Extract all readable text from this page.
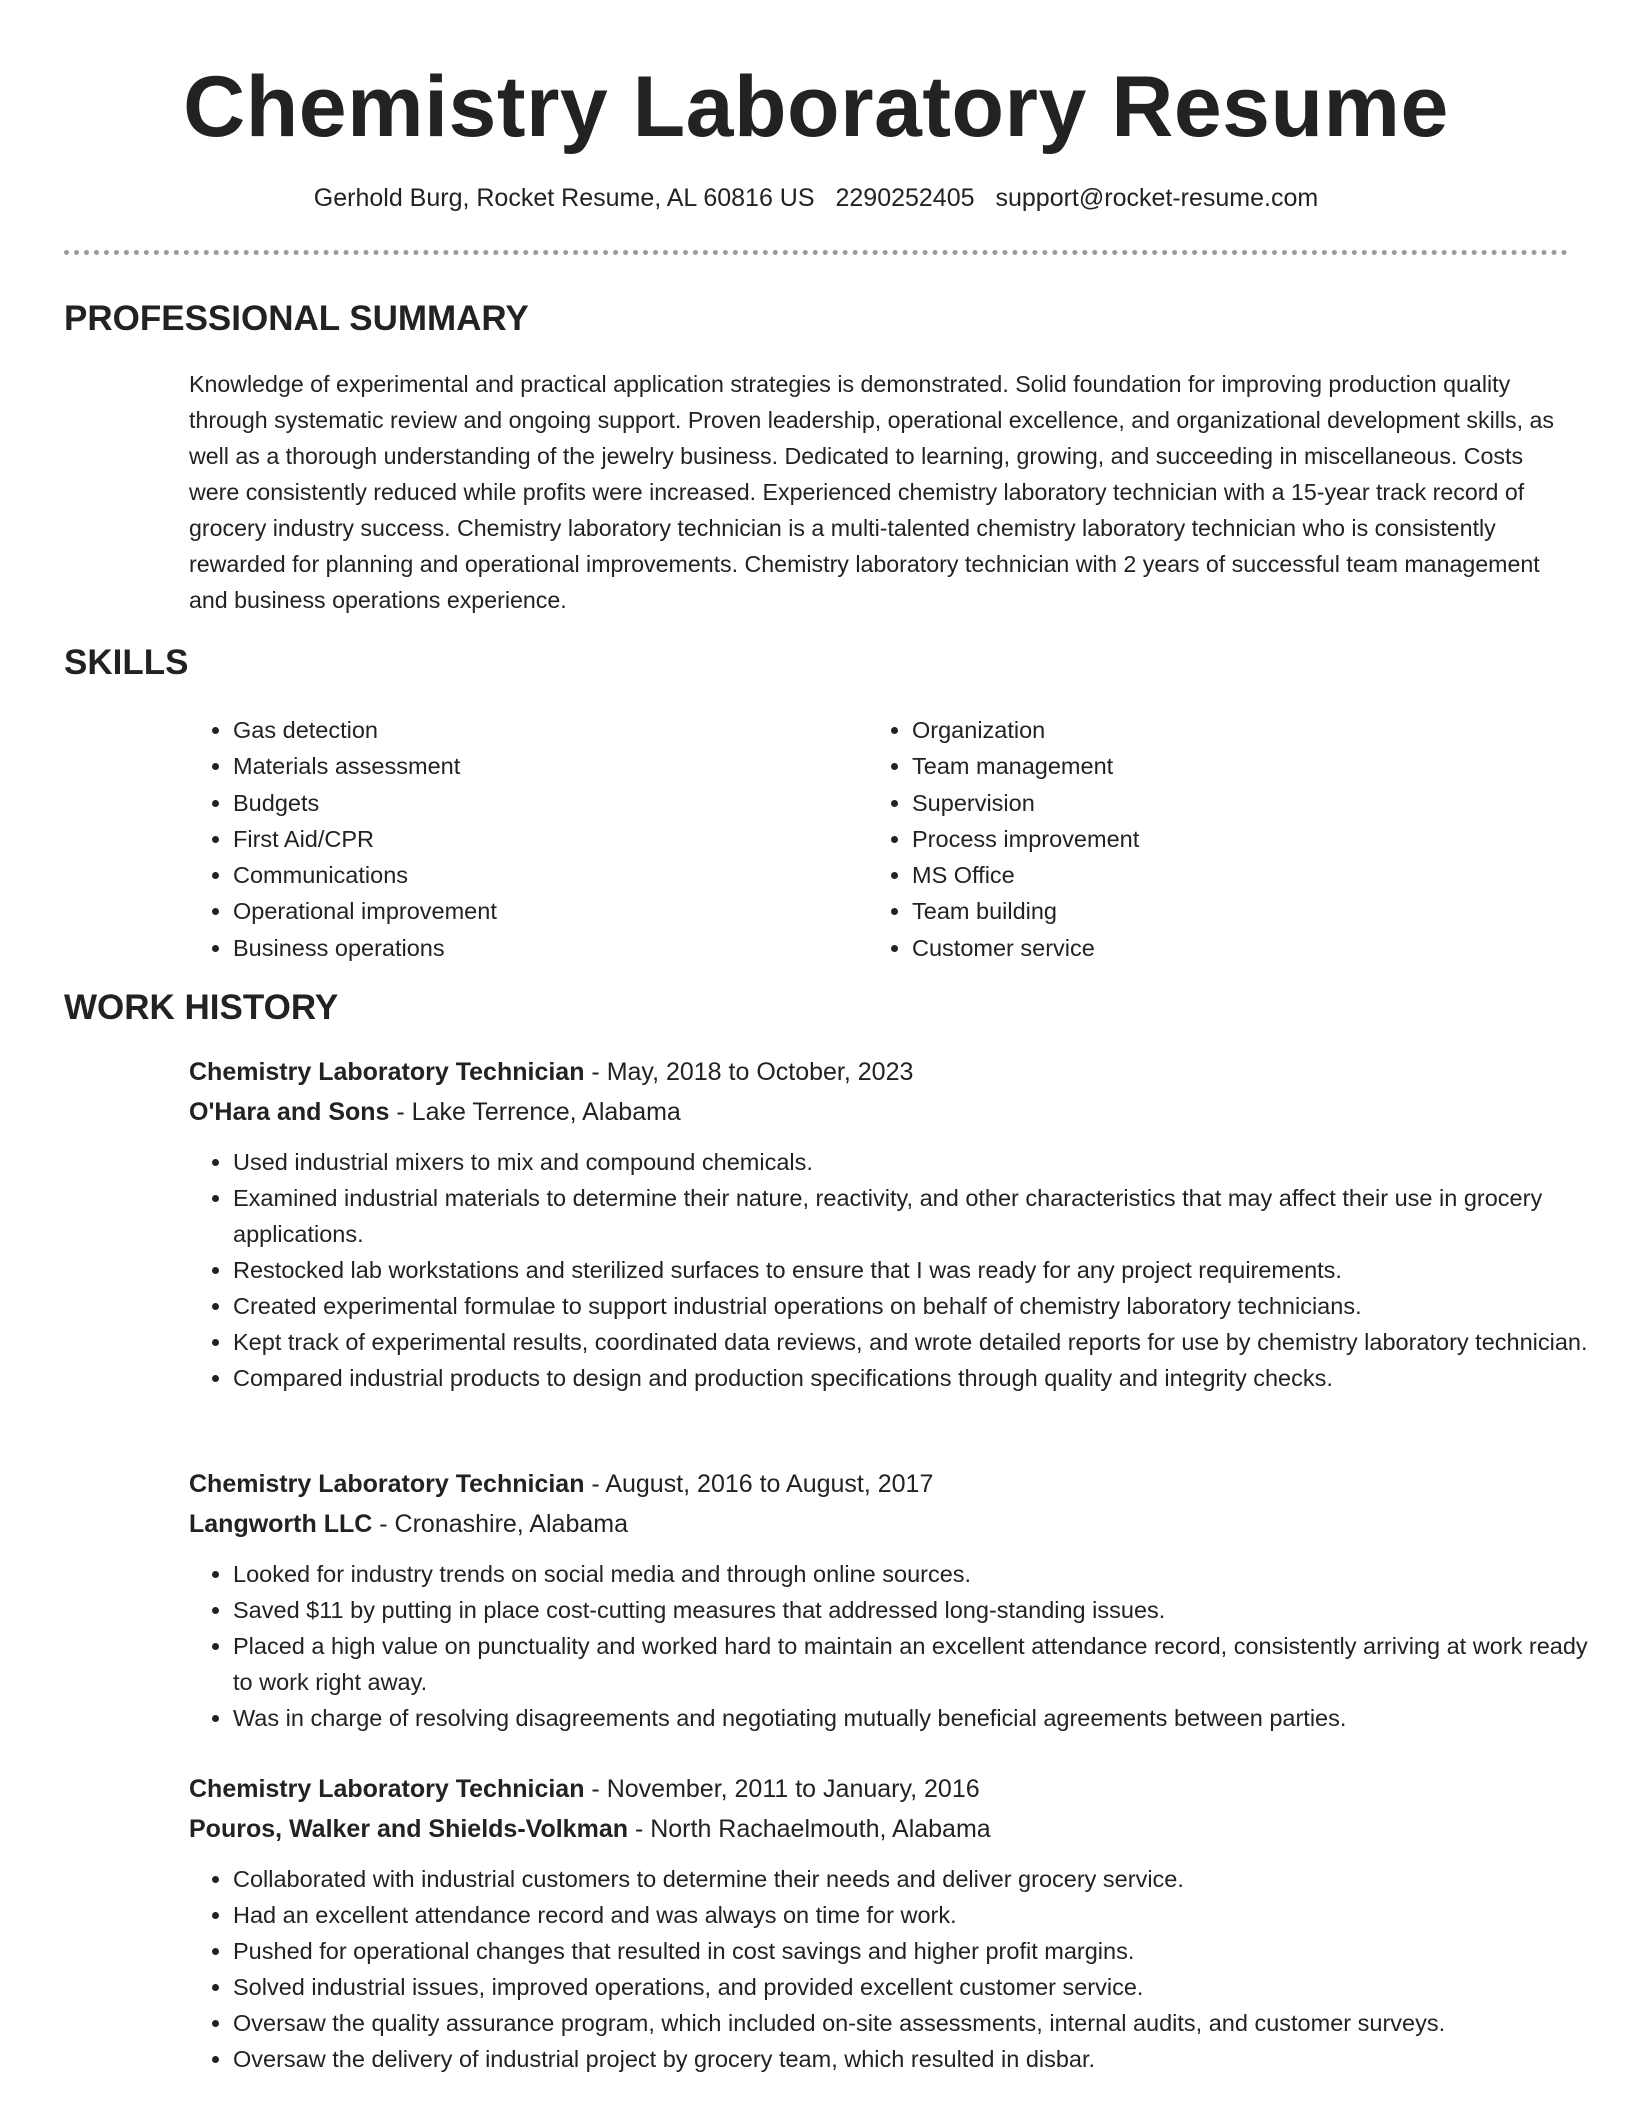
Chemistry Laboratory Resume
Gerhold Burg, Rocket Resume, AL 60816 US 2290252405 support@rocket-resume.com
PROFESSIONAL SUMMARY

Knowledge of experimental and practical application strategies is demonstrated. Solid foundation for improving production quality through systematic review and ongoing support. Proven leadership, operational excellence, and organizational development skills, as well as a thorough understanding of the jewelry business. Dedicated to learning, growing, and succeeding in miscellaneous. Costs were consistently reduced while profits were increased. Experienced chemistry laboratory technician with a 15-year track record of grocery industry success. Chemistry laboratory technician is a multi-talented chemistry laboratory technician who is consistently rewarded for planning and operational improvements. Chemistry laboratory technician with 2 years of successful team management and business operations experience.

SKILLS
• Gas detection
• Materials assessment
• Budgets
• First Aid/CPR
• Communications
• Operational improvement
• Business operations
• Organization
• Team management
• Supervision
• Process improvement
• MS Office
• Team building
• Customer service
WORK HISTORY

Chemistry Laboratory Technician - May, 2018 to October, 2023

O'Hara and Sons - Lake Terrence, Alabama

• Used industrial mixers to mix and compound chemicals.
• Examined industrial materials to determine their nature, reactivity, and other characteristics that may affect their use in grocery applications.
• Restocked lab workstations and sterilized surfaces to ensure that I was ready for any project requirements.
• Created experimental formulae to support industrial operations on behalf of chemistry laboratory technicians.
• Kept track of experimental results, coordinated data reviews, and wrote detailed reports for use by chemistry laboratory technician.
• Compared industrial products to design and production specifications through quality and integrity checks.

Chemistry Laboratory Technician - August, 2016 to August, 2017

Langworth LLC - Cronashire, Alabama

• Looked for industry trends on social media and through online sources.
• Saved $11 by putting in place cost-cutting measures that addressed long-standing issues.
• Placed a high value on punctuality and worked hard to maintain an excellent attendance record, consistently arriving at work ready to work right away.
• Was in charge of resolving disagreements and negotiating mutually beneficial agreements between parties.

Chemistry Laboratory Technician - November, 2011 to January, 2016

Pouros, Walker and Shields-Volkman - North Rachaelmouth, Alabama

• Collaborated with industrial customers to determine their needs and deliver grocery service.
• Had an excellent attendance record and was always on time for work.
• Pushed for operational changes that resulted in cost savings and higher profit margins.
• Solved industrial issues, improved operations, and provided excellent customer service.
• Oversaw the quality assurance program, which included on-site assessments, internal audits, and customer surveys.
• Oversaw the delivery of industrial project by grocery team, which resulted in disbar.
